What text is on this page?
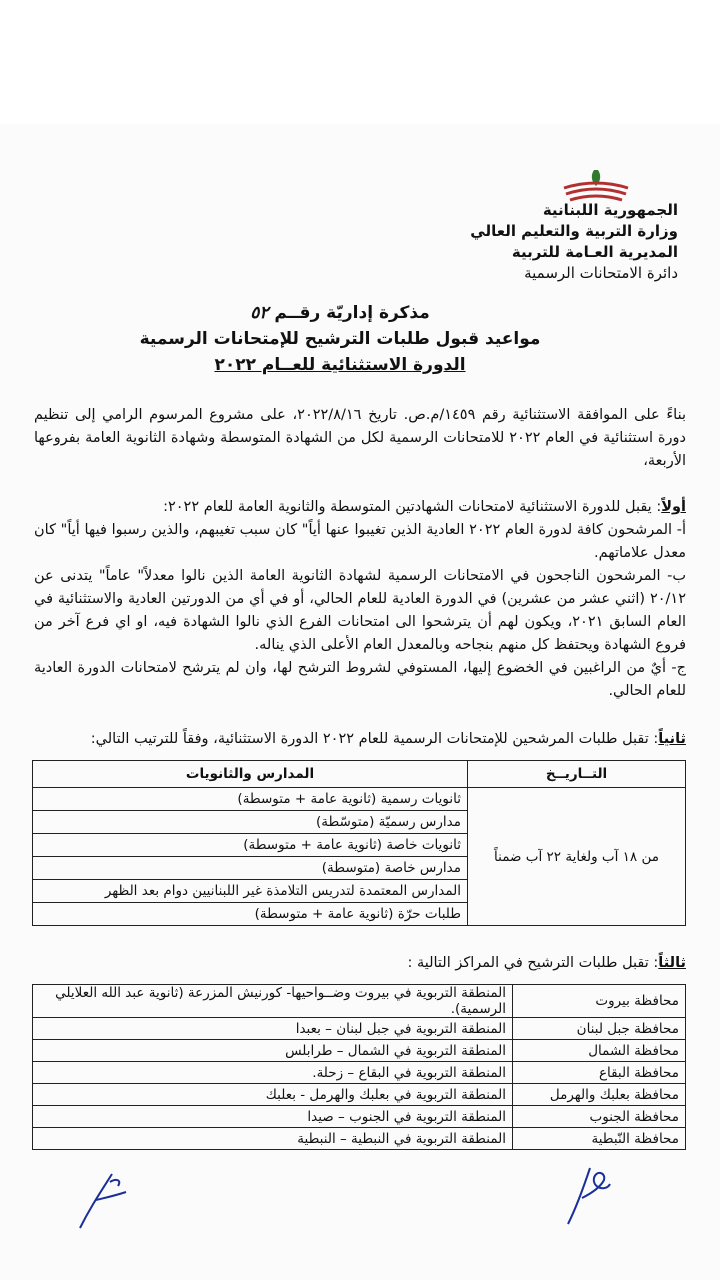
الجمهورية اللبنانية
وزارة التربية والتعليم العالي
المديرية العـامة للتربية
دائرة الامتحانات الرسمية
مذكرة إداريّة رقــم ٥٢
مواعيد قبول طلبات الترشيح للإمتحانات الرسمية
الدورة الاستثنائية للعــام ٢٠٢٢
بناءً على الموافقة الاستثنائية رقم ١٤٥٩/م.ص. تاريخ ٢٠٢٢/٨/١٦، على مشروع المرسوم الرامي إلى تنظيم دورة استثنائية في العام ٢٠٢٢ للامتحانات الرسمية لكل من الشهادة المتوسطة وشهادة الثانوية العامة بفروعها الأربعة،
أولاً: يقبل للدورة الاستثنائية لامتحانات الشهادتين المتوسطة والثانوية العامة للعام ٢٠٢٢:
أ- المرشحون كافة لدورة العام ٢٠٢٢ العادية الذين تغيبوا عنها أياً" كان سبب تغيبهم، والذين رسبوا فيها أياً" كان معدل علاماتهم.
ب- المرشحون الناجحون في الامتحانات الرسمية لشهادة الثانوية العامة الذين نالوا معدلاً" عاماً" يتدنى عن ٢٠/١٢ (اثني عشر من عشرين) في الدورة العادية للعام الحالي، أو في أي من الدورتين العادية والاستثنائية في العام السابق ٢٠٢١، ويكون لهم أن يترشحوا الى امتحانات الفرع الذي نالوا الشهادة فيه، او اي فرع آخر من فروع الشهادة ويحتفظ كل منهم بنجاحه وبالمعدل العام الأعلى الذي يناله.
ج- أيٌ من الراغبين في الخضوع إليها، المستوفي لشروط الترشح لها، وان لم يترشح لامتحانات الدورة العادية للعام الحالي.
ثانياً: تقبل طلبات المرشحين للإمتحانات الرسمية للعام ٢٠٢٢ الدورة الاستثنائية، وفقاً للترتيب التالي:
التــاريــخ	المدارس والثانويات
من ١٨ آب ولغاية ٢٢ آب ضمناً	ثانويات رسمية (ثانوية عامة + متوسطة)
	مدارس رسميّة (متوسّطة)
	ثانويات خاصة (ثانوية عامة + متوسطة)
	مدارس خاصة (متوسطة)
	المدارس المعتمدة لتدريس التلامذة غير اللبنانيين دوام بعد الظهر
	طلبات حرّة (ثانوية عامة + متوسطة)
ثالثاً: تقبل طلبات الترشيح في المراكز التالية :
محافظة بيروت	المنطقة التربوية في بيروت وضــواحيها- كورنيش المزرعة (ثانوية عبد الله العلايلي الرسمية).
محافظة جبل لبنان	المنطقة التربوية في جبل لبنان – بعبدا
محافظة الشمال	المنطقة التربوية في الشمال – طرابلس
محافظة البقاع	المنطقة التربوية في البقاع – زحلة.
محافظة بعلبك والهرمل	المنطقة التربوية في بعلبك والهرمل - بعلبك
محافظة الجنوب	المنطقة التربوية في الجنوب – صيدا
محافظة النّبطية	المنطقة التربوية في النبطية – النبطية
